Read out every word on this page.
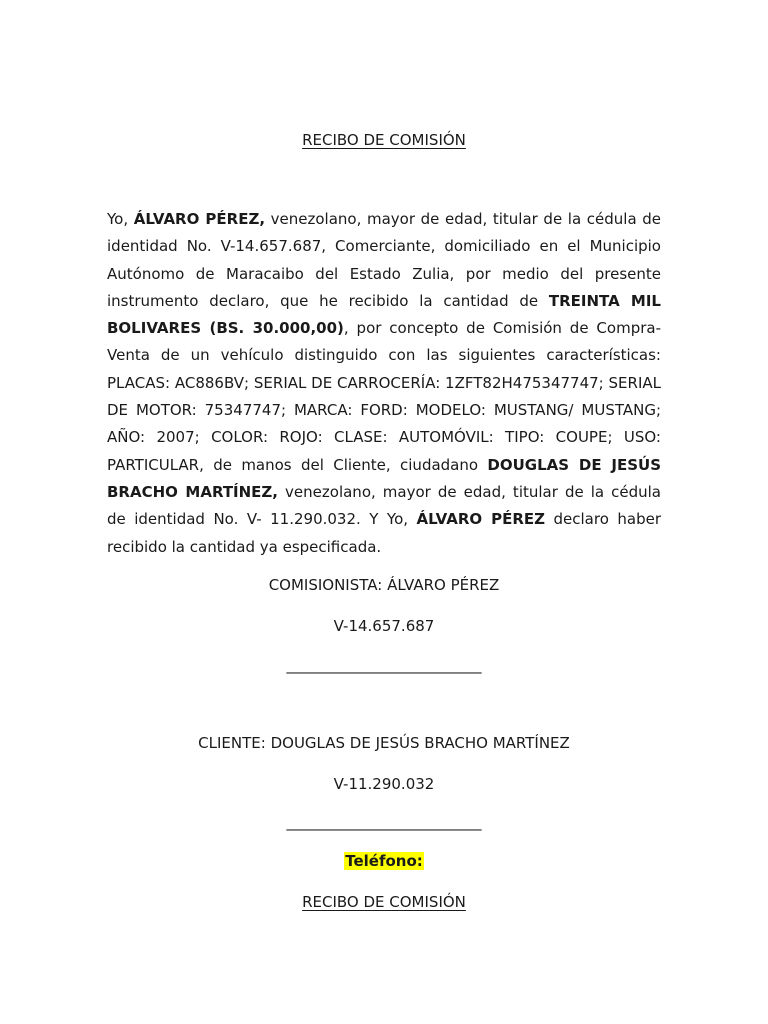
RECIBO DE COMISIÓN

Yo, ÁLVARO PÉREZ, venezolano, mayor de edad, titular de la cédula de identidad No. V-14.657.687, Comerciante, domiciliado en el Municipio Autónomo de Maracaibo del Estado Zulia, por medio del presente instrumento declaro, que he recibido la cantidad de TREINTA MIL BOLIVARES (BS. 30.000,00), por concepto de Comisión de Compra-Venta de un vehículo distinguido con las siguientes características: PLACAS: AC886BV; SERIAL DE CARROCERÍA: 1ZFT82H475347747; SERIAL DE MOTOR: 75347747; MARCA: FORD: MODELO: MUSTANG/ MUSTANG; AÑO: 2007; COLOR: ROJO: CLASE: AUTOMÓVIL: TIPO: COUPE; USO: PARTICULAR, de manos del Cliente, ciudadano DOUGLAS DE JESÚS BRACHO MARTÍNEZ, venezolano, mayor de edad, titular de la cédula de identidad No. V- 11.290.032. Y Yo, ÁLVARO PÉREZ declaro haber recibido la cantidad ya especificada.

COMISIONISTA: ÁLVARO PÉREZ
V-14.657.687
__________________________
CLIENTE: DOUGLAS DE JESÚS BRACHO MARTÍNEZ
V-11.290.032
__________________________
Teléfono:
RECIBO DE COMISIÓN
